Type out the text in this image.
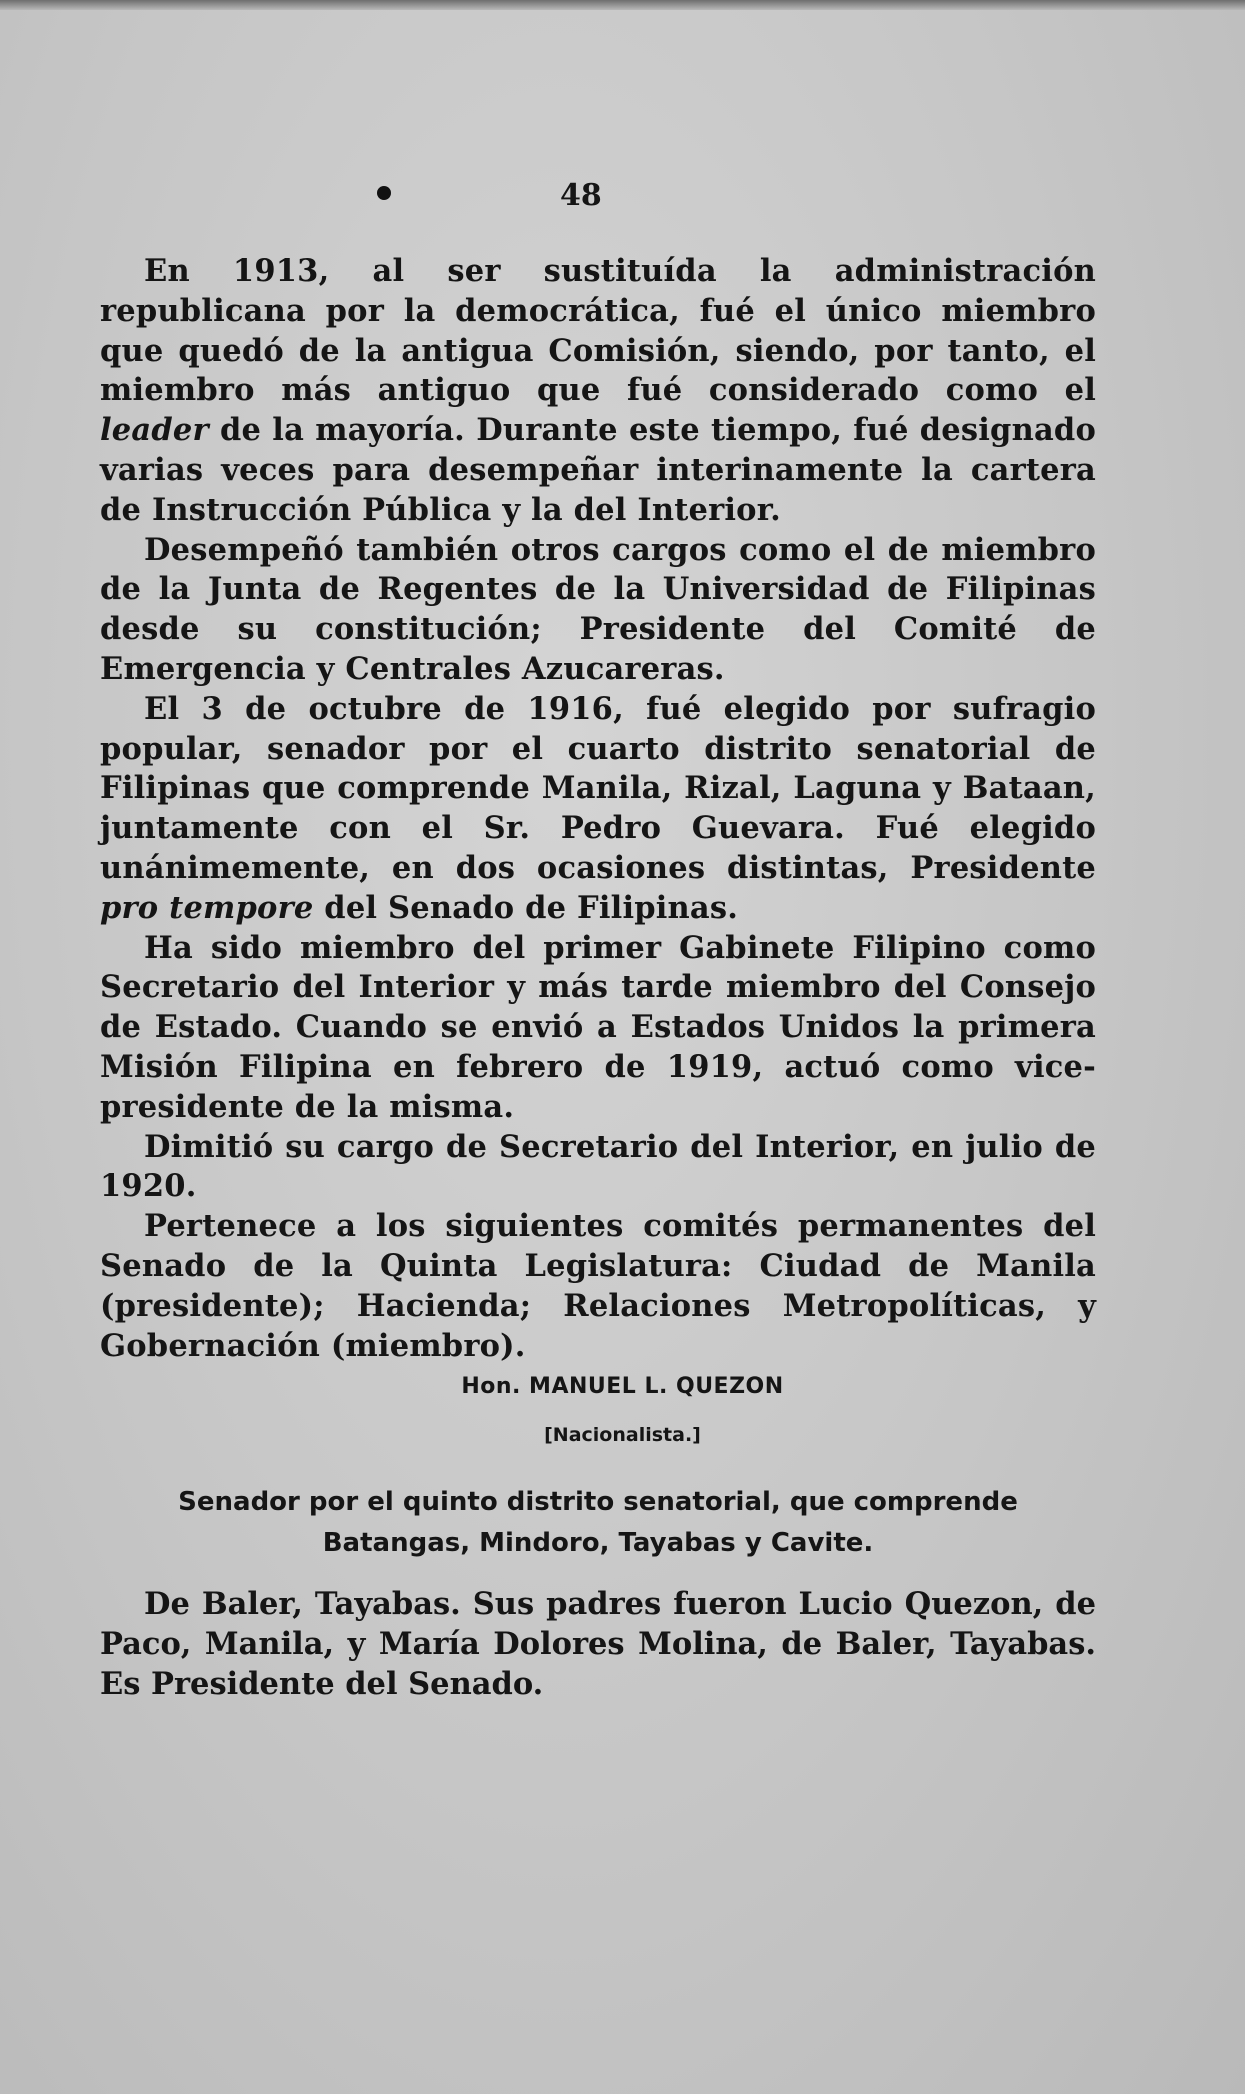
48

En 1913, al ser sustituída la administración republicana por la democrática, fué el único miembro que quedó de la antigua Comisión, siendo, por tanto, el miembro más antiguo que fué considerado como el leader de la mayoría. Durante este tiempo, fué designado varias veces para desempeñar interinamente la cartera de Instrucción Pública y la del Interior.

Desempeñó también otros cargos como el de miembro de la Junta de Regentes de la Universidad de Filipinas desde su constitución; Presidente del Comité de Emergencia y Centrales Azucareras.

El 3 de octubre de 1916, fué elegido por sufragio popular, senador por el cuarto distrito senatorial de Filipinas que comprende Manila, Rizal, Laguna y Bataan, juntamente con el Sr. Pedro Guevara. Fué elegido unánimemente, en dos ocasiones distintas, Presidente pro tempore del Senado de Filipinas.

Ha sido miembro del primer Gabinete Filipino como Secretario del Interior y más tarde miembro del Consejo de Estado. Cuando se envió a Estados Unidos la primera Misión Filipina en febrero de 1919, actuó como vice-presidente de la misma.

Dimitió su cargo de Secretario del Interior, en julio de 1920.

Pertenece a los siguientes comités permanentes del Senado de la Quinta Legislatura: Ciudad de Manila (presidente); Hacienda; Relaciones Metropolíticas, y Gobernación (miembro).

Hon. MANUEL L. QUEZON
[Nacionalista.]
Senador por el quinto distrito senatorial, que comprende Batangas, Mindoro, Tayabas y Cavite.

De Baler, Tayabas. Sus padres fueron Lucio Quezon, de Paco, Manila, y María Dolores Molina, de Baler, Tayabas. Es Presidente del Senado.
